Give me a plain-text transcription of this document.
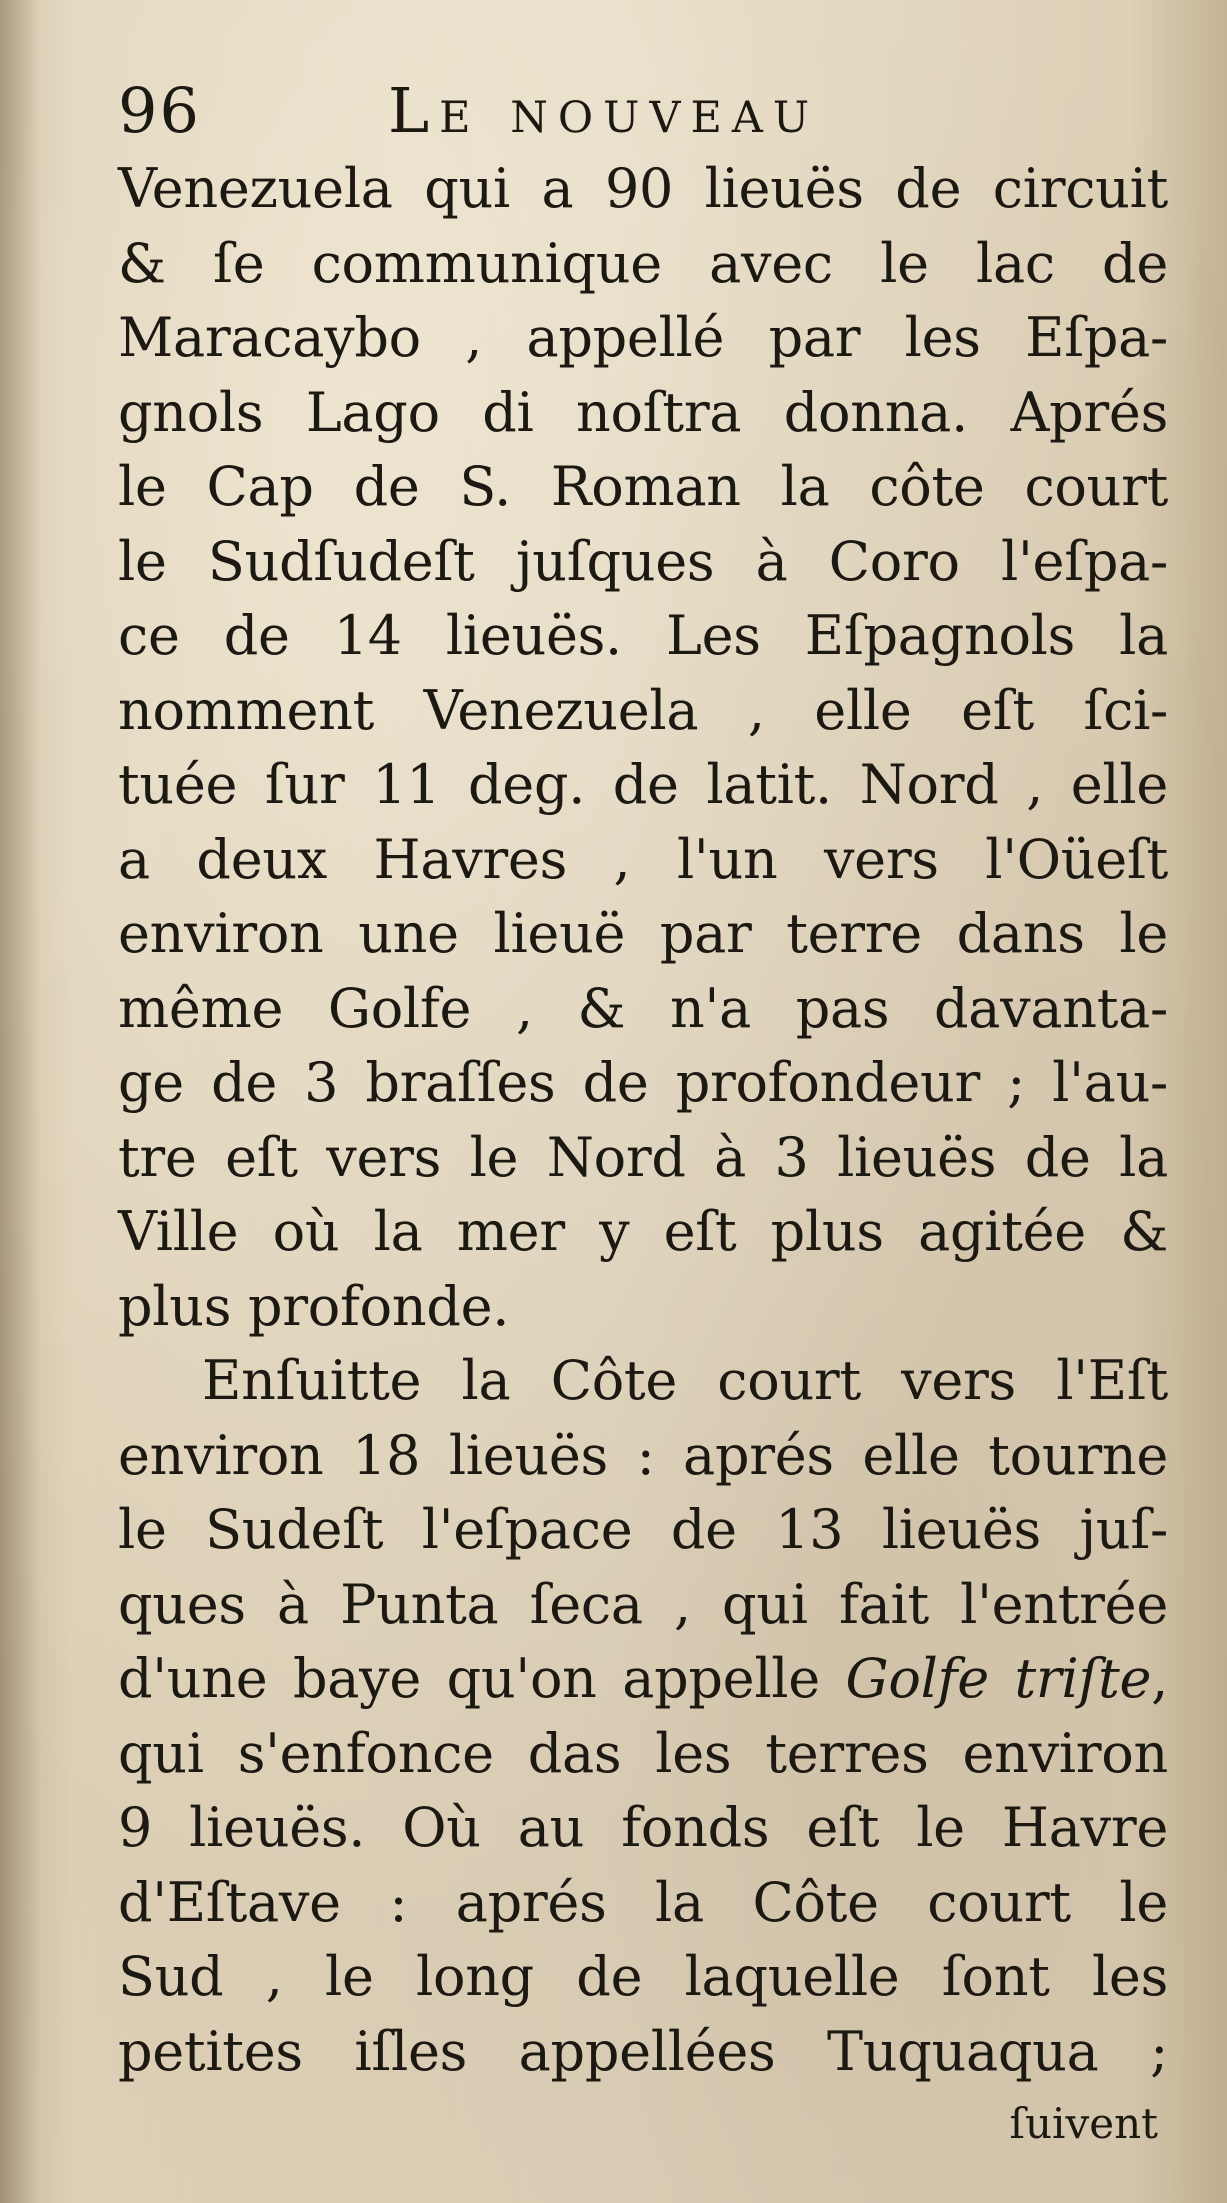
96	Le nouveau
Venezuela qui a 90 lieuës de circuit
& ſe communique avec le lac de
Maracaybo , appellé par les Eſpa-
gnols Lago di noſtra donna. Aprés
le Cap de S. Roman la côte court
le Sudſudeſt juſques à Coro l'eſpa-
ce de 14 lieuës. Les Eſpagnols la
nomment Venezuela , elle eſt ſci-
tuée ſur 11 deg. de latit. Nord , elle
a deux Havres , l'un vers l'Oüeſt
environ une lieuë par terre dans le
même Golfe , & n'a pas davanta-
ge de 3 braſſes de profondeur ; l'au-
tre eſt vers le Nord à 3 lieuës de la
Ville où la mer y eſt plus agitée &
plus profonde.
Enſuitte la Côte court vers l'Eſt
environ 18 lieuës : aprés elle tourne
le Sudeſt l'eſpace de 13 lieuës juſ-
ques à Punta ſeca , qui fait l'entrée
d'une baye qu'on appelle Golfe triſte,
qui s'enfonce das les terres environ
9 lieuës. Où au fonds eſt le Havre
d'Eſtave : aprés la Côte court le
Sud , le long de laquelle ſont les
petites iſles appellées Tuquaqua ;
ſuivent
